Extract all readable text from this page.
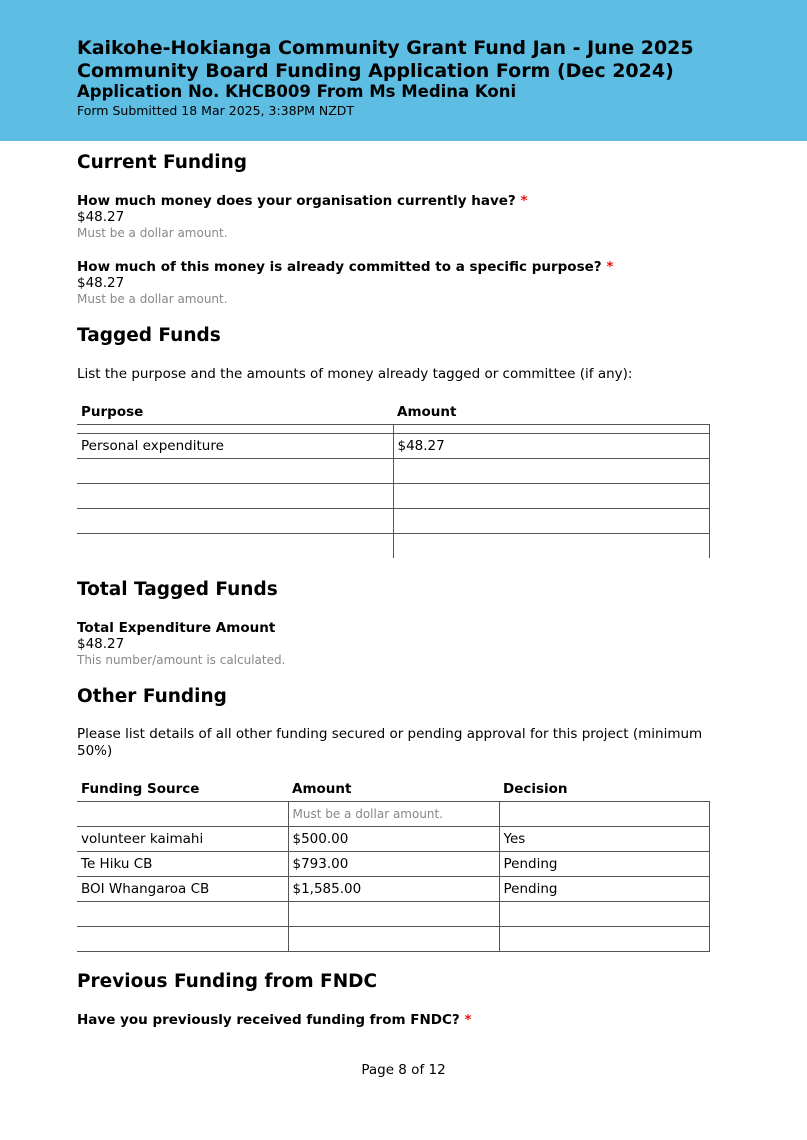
Kaikohe-Hokianga Community Grant Fund Jan - June 2025
Community Board Funding Application Form (Dec 2024)
Application No. KHCB009 From Ms Medina Koni
Form Submitted 18 Mar 2025, 3:38PM NZDT
Current Funding
How much money does your organisation currently have? *
$48.27
Must be a dollar amount.
How much of this money is already committed to a specific purpose? *
$48.27
Must be a dollar amount.
Tagged Funds
List the purpose and the amounts of money already tagged or committee (if any):
Purpose	Amount

Personal expenditure	$48.27

Total Tagged Funds
Total Expenditure Amount
$48.27
This number/amount is calculated.
Other Funding
Please list details of all other funding secured or pending approval for this project (minimum 50%)
Funding Source	Amount	Decision
	Must be a dollar amount.	
volunteer kaimahi	$500.00	Yes
Te Hiku CB	$793.00	Pending
BOI Whangaroa CB	$1,585.00	Pending

Previous Funding from FNDC
Have you previously received funding from FNDC? *
Page 8 of 12
